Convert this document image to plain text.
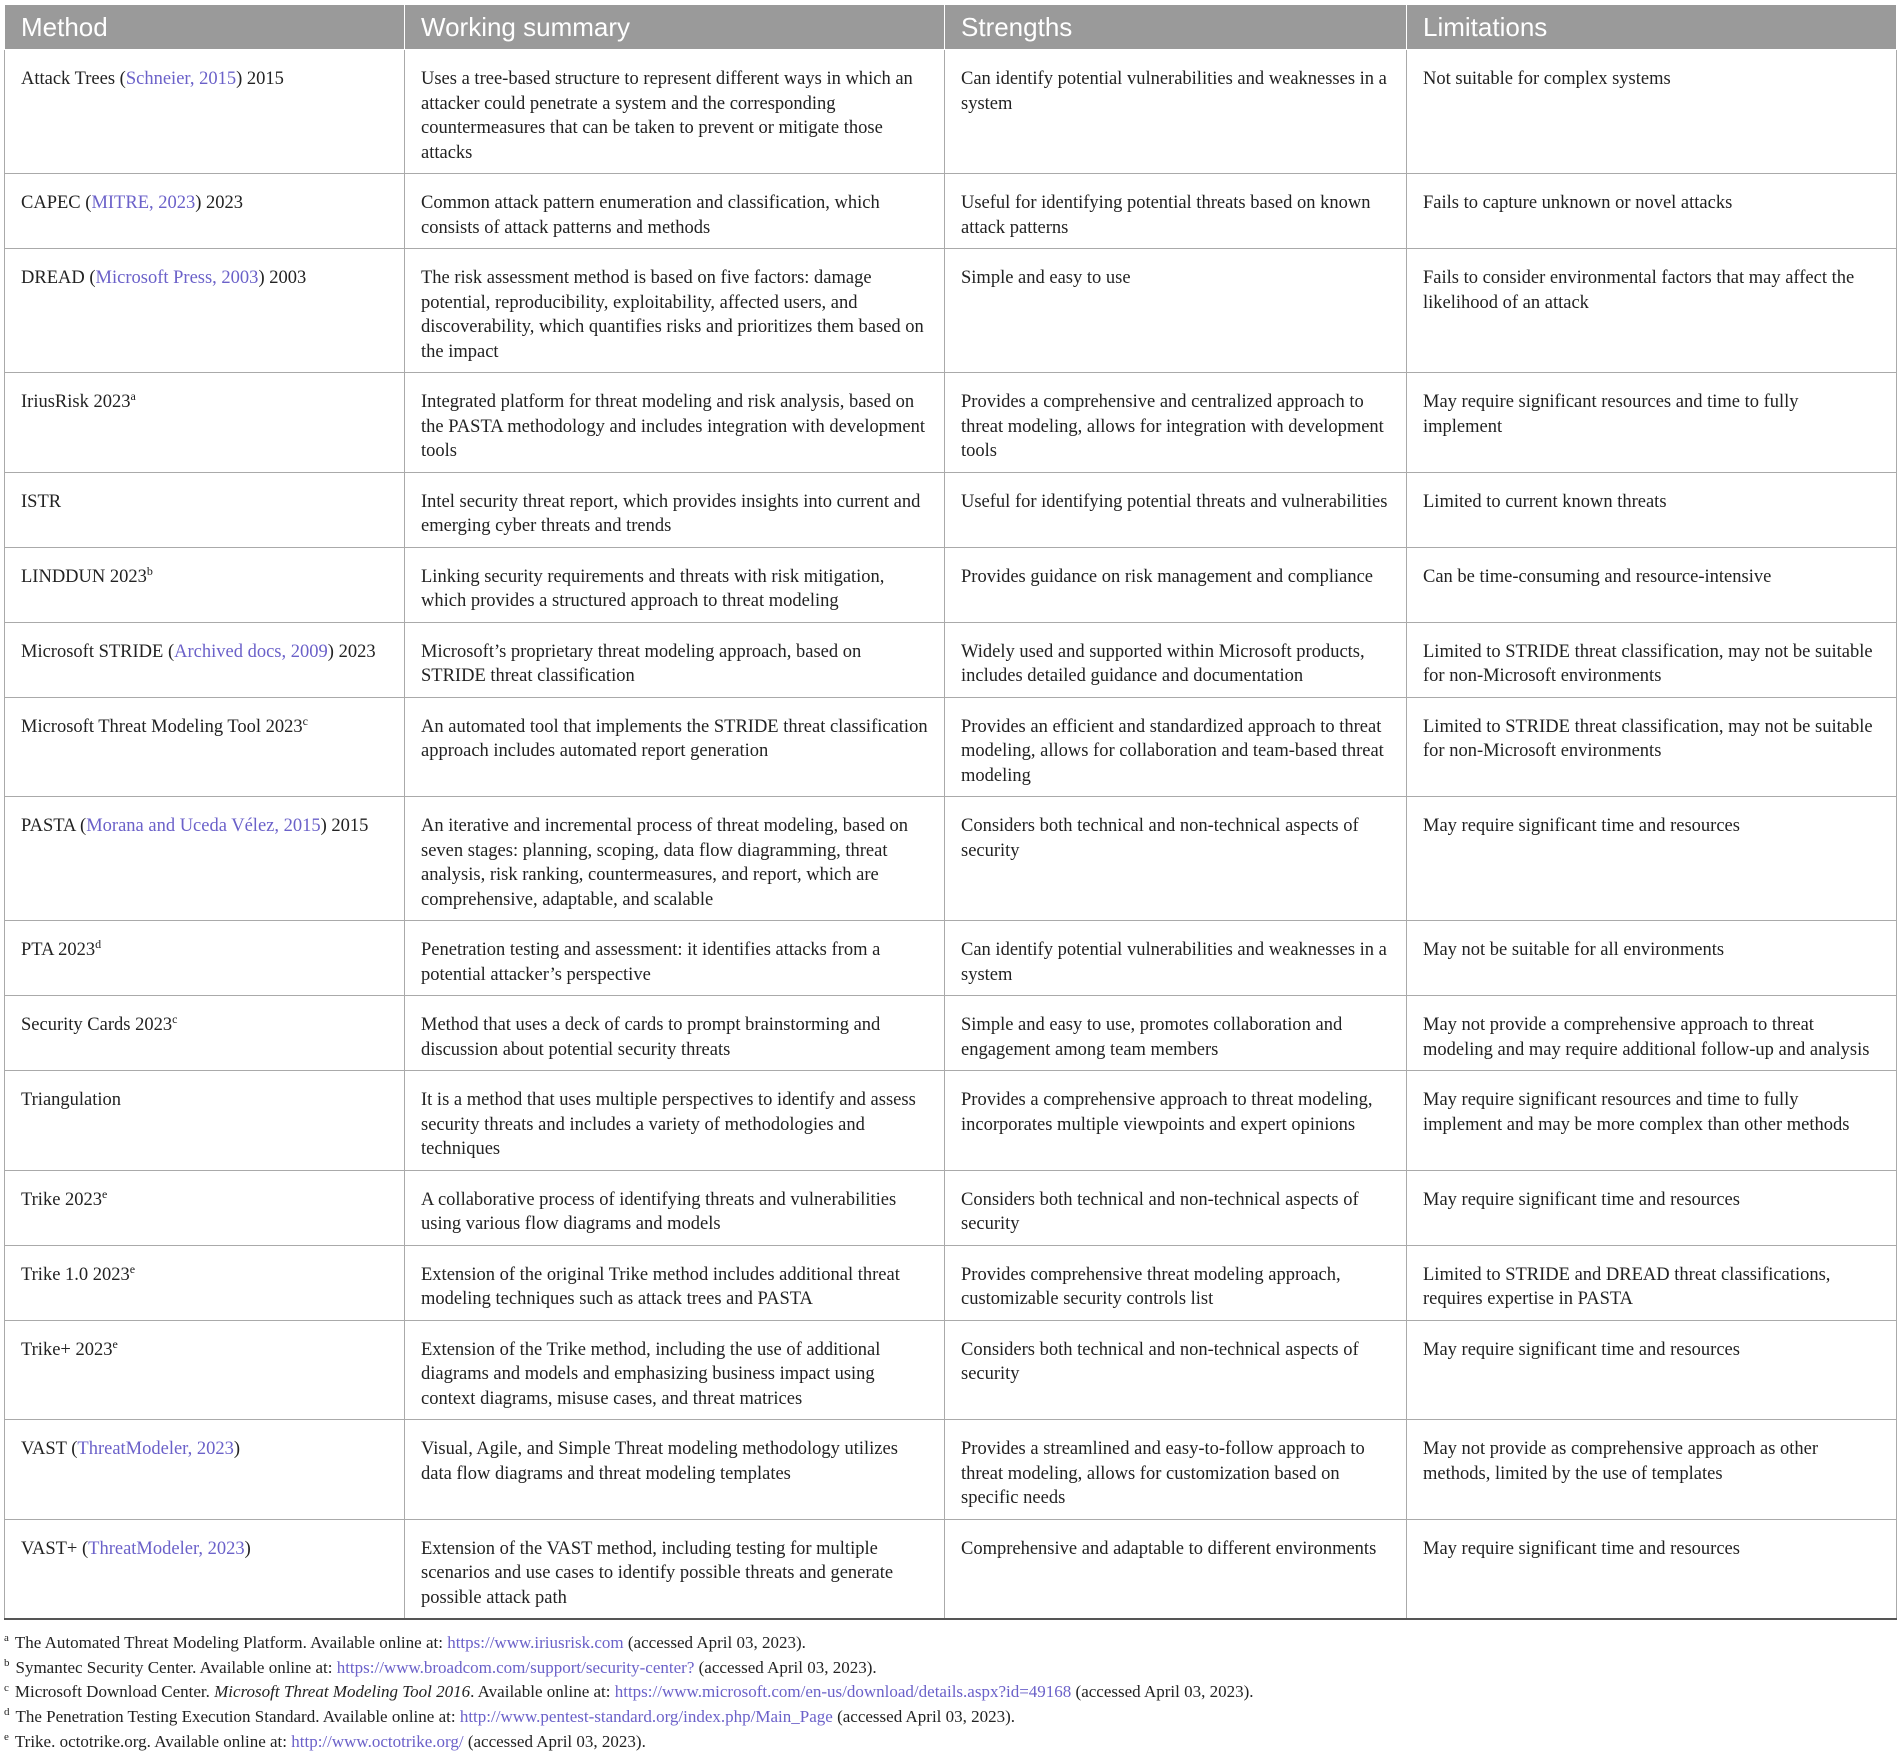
Method	Working summary	Strengths	Limitations
Attack Trees (Schneier, 2015) 2015	Uses a tree-based structure to represent different ways in which an attacker could penetrate a system and the corresponding countermeasures that can be taken to prevent or mitigate those attacks	Can identify potential vulnerabilities and weaknesses in a system	Not suitable for complex systems
CAPEC (MITRE, 2023) 2023	Common attack pattern enumeration and classification, which consists of attack patterns and methods	Useful for identifying potential threats based on known attack patterns	Fails to capture unknown or novel attacks
DREAD (Microsoft Press, 2003) 2003	The risk assessment method is based on five factors: damage potential, reproducibility, exploitability, affected users, and discoverability, which quantifies risks and prioritizes them based on the impact	Simple and easy to use	Fails to consider environmental factors that may affect the likelihood of an attack
IriusRisk 2023$^a$	Integrated platform for threat modeling and risk analysis, based on the PASTA methodology and includes integration with development tools	Provides a comprehensive and centralized approach to threat modeling, allows for integration with development tools	May require significant resources and time to fully implement
ISTR	Intel security threat report, which provides insights into current and emerging cyber threats and trends	Useful for identifying potential threats and vulnerabilities	Limited to current known threats
LINDDUN 2023$^b$	Linking security requirements and threats with risk mitigation, which provides a structured approach to threat modeling	Provides guidance on risk management and compliance	Can be time-consuming and resource-intensive
Microsoft STRIDE (Archived docs, 2009) 2023	Microsoft’s proprietary threat modeling approach, based on STRIDE threat classification	Widely used and supported within Microsoft products, includes detailed guidance and documentation	Limited to STRIDE threat classification, may not be suitable for non-Microsoft environments
Microsoft Threat Modeling Tool 2023$^c$	An automated tool that implements the STRIDE threat classification approach includes automated report generation	Provides an efficient and standardized approach to threat modeling, allows for collaboration and team-based threat modeling	Limited to STRIDE threat classification, may not be suitable for non-Microsoft environments
PASTA (Morana and Uceda Vélez, 2015) 2015	An iterative and incremental process of threat modeling, based on seven stages: planning, scoping, data flow diagramming, threat analysis, risk ranking, countermeasures, and report, which are comprehensive, adaptable, and scalable	Considers both technical and non-technical aspects of security	May require significant time and resources
PTA 2023$^d$	Penetration testing and assessment: it identifies attacks from a potential attacker’s perspective	Can identify potential vulnerabilities and weaknesses in a system	May not be suitable for all environments
Security Cards 2023$^c$	Method that uses a deck of cards to prompt brainstorming and discussion about potential security threats	Simple and easy to use, promotes collaboration and engagement among team members	May not provide a comprehensive approach to threat modeling and may require additional follow-up and analysis
Triangulation	It is a method that uses multiple perspectives to identify and assess security threats and includes a variety of methodologies and techniques	Provides a comprehensive approach to threat modeling, incorporates multiple viewpoints and expert opinions	May require significant resources and time to fully implement and may be more complex than other methods
Trike 2023e	A collaborative process of identifying threats and vulnerabilities using various flow diagrams and models	Considers both technical and non-technical aspects of security	May require significant time and resources
Trike 1.0 2023e	Extension of the original Trike method includes additional threat modeling techniques such as attack trees and PASTA	Provides comprehensive threat modeling approach, customizable security controls list	Limited to STRIDE and DREAD threat classifications, requires expertise in PASTA
Trike+ $2023^e$	Extension of the Trike method, including the use of additional diagrams and models and emphasizing business impact using context diagrams, misuse cases, and threat matrices	Considers both technical and non-technical aspects of security	May require significant time and resources
VAST (ThreatModeler, 2023)	Visual, Agile, and Simple Threat modeling methodology utilizes data flow diagrams and threat modeling templates	Provides a streamlined and easy-to-follow approach to threat modeling, allows for customization based on specific needs	May not provide as comprehensive approach as other methods, limited by the use of templates
VAST+ (ThreatModeler, 2023)	Extension of the VAST method, including testing for multiple scenarios and use cases to identify possible threats and generate possible attack path	Comprehensive and adaptable to different environments	May require significant time and resources
$^a$ The Automated Threat Modeling Platform. Available online at: https://www.iriusrisk.com (accessed April 03, 2023).
$^b$ Symantec Security Center. Available online at: https://www.broadcom.com/support/security-center? (accessed April 03, 2023).
$^c$ Microsoft Download Center. Microsoft Threat Modeling Tool 2016. Available online at: https://www.microsoft.com/en-us/download/details.aspx?id=49168 (accessed April 03, 2023).
$^d$ The Penetration Testing Execution Standard. Available online at: http://www.pentest-standard.org/index.php/Main_Page (accessed April 03, 2023).
$^e$ Trike. octotrike.org. Available online at: http://www.octotrike.org/ (accessed April 03, 2023).
